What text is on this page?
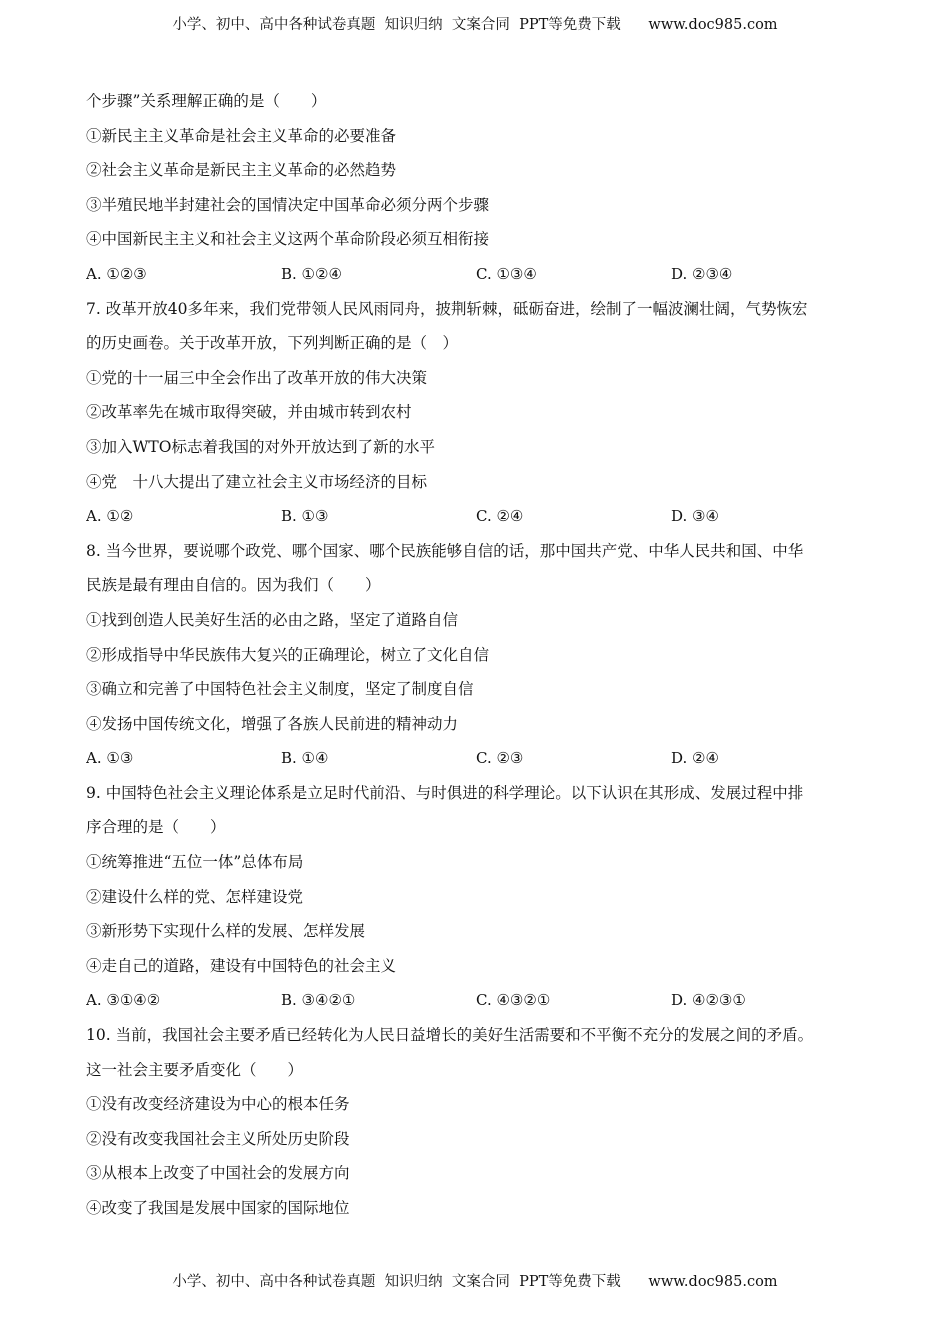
小学、初中、高中各种试卷真题  知识归纳  文案合同  PPT等免费下载      www.doc985.com
个步骤”关系理解正确的是（　　）
①新民主主义革命是社会主义革命的必要准备
②社会主义革命是新民主主义革命的必然趋势
③半殖民地半封建社会的国情决定中国革命必须分两个步骤
④中国新民主主义和社会主义这两个革命阶段必须互相衔接
A. ①②③	B. ①②④	C. ①③④	D. ②③④
7. 改革开放40多年来，我们党带领人民风雨同舟，披荆斩棘，砥砺奋进，绘制了一幅波澜壮阔，气势恢宏
的历史画卷。关于改革开放，下列判断正确的是（　）
①党的十一届三中全会作出了改革开放的伟大决策
②改革率先在城市取得突破，并由城市转到农村
③加入WTO标志着我国的对外开放达到了新的水平
④党　十八大提出了建立社会主义市场经济的目标
A. ①②	B. ①③	C. ②④	D. ③④
8. 当今世界，要说哪个政党、哪个国家、哪个民族能够自信的话，那中国共产党、中华人民共和国、中华
民族是最有理由自信的。因为我们（　　）
①找到创造人民美好生活的必由之路，坚定了道路自信
②形成指导中华民族伟大复兴的正确理论，树立了文化自信
③确立和完善了中国特色社会主义制度，坚定了制度自信
④发扬中国传统文化，增强了各族人民前进的精神动力
A. ①③	B. ①④	C. ②③	D. ②④
9. 中国特色社会主义理论体系是立足时代前沿、与时俱进的科学理论。以下认识在其形成、发展过程中排
序合理的是（　　）
①统筹推进“五位一体”总体布局
②建设什么样的党、怎样建设党
③新形势下实现什么样的发展、怎样发展
④走自己的道路，建设有中国特色的社会主义
A. ③①④②	B. ③④②①	C. ④③②①	D. ④②③①
10. 当前，我国社会主要矛盾已经转化为人民日益增长的美好生活需要和不平衡不充分的发展之间的矛盾。
这一社会主要矛盾变化（　　）
①没有改变经济建设为中心的根本任务
②没有改变我国社会主义所处历史阶段
③从根本上改变了中国社会的发展方向
④改变了我国是发展中国家的国际地位
小学、初中、高中各种试卷真题  知识归纳  文案合同  PPT等免费下载      www.doc985.com
